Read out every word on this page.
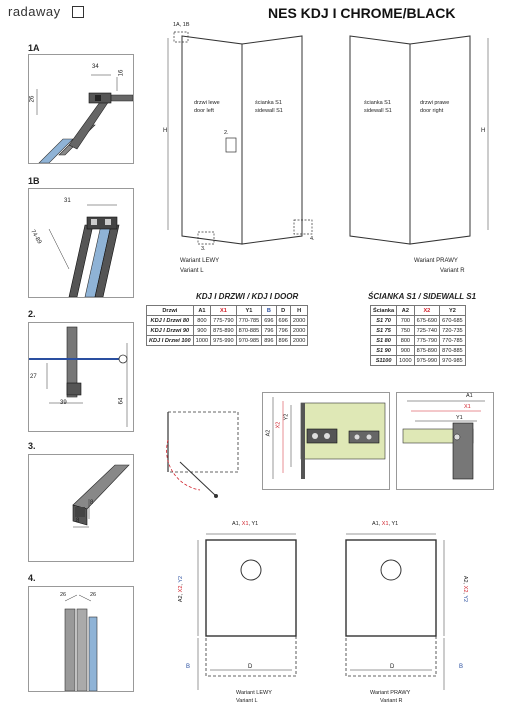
radaway	NES KDJ I CHROME/BLACK
1A
34
16
26
1B
31
74-89
2.
27
39	64
3.
8
8
4.
26	26
1A, 1B
2.
3.
4.
H	H
drzwi lewe
door left
ścianka S1
sidewall S1
ścianka S1
sidewall S1
drzwi prawe
door right
Wariant LEWY
Variant L
Wariant PRAWY
Variant R
KDJ I DRZWI / KDJ I DOOR
Drzwi	A1	X1	Y1	B	D	H
KDJ I Drzwi 80	800	775-790	770-785	696	696	2000
KDJ I Drzwi 90	900	875-890	870-885	796	796	2000
KDJ I Drzwi 100	1000	975-990	970-985	896	896	2000
ŚCIANKA S1 / SIDEWALL S1
Ścianka	A2	X2	Y2
S1 70	700	675-690	670-685
S1 75	750	725-740	720-735
S1 80	800	775-790	770-785
S1 90	900	875-890	870-885
S1100	1000	975-990	970-985
A2
X2
Y2
A1
X1
Y1
A1, X1, Y1
A2, X2, Y2
B	D
Wariant LEWY
Variant L
A1, X1, Y1
A2, X2, Y2
B
D
Wariant PRAWY
Variant R
